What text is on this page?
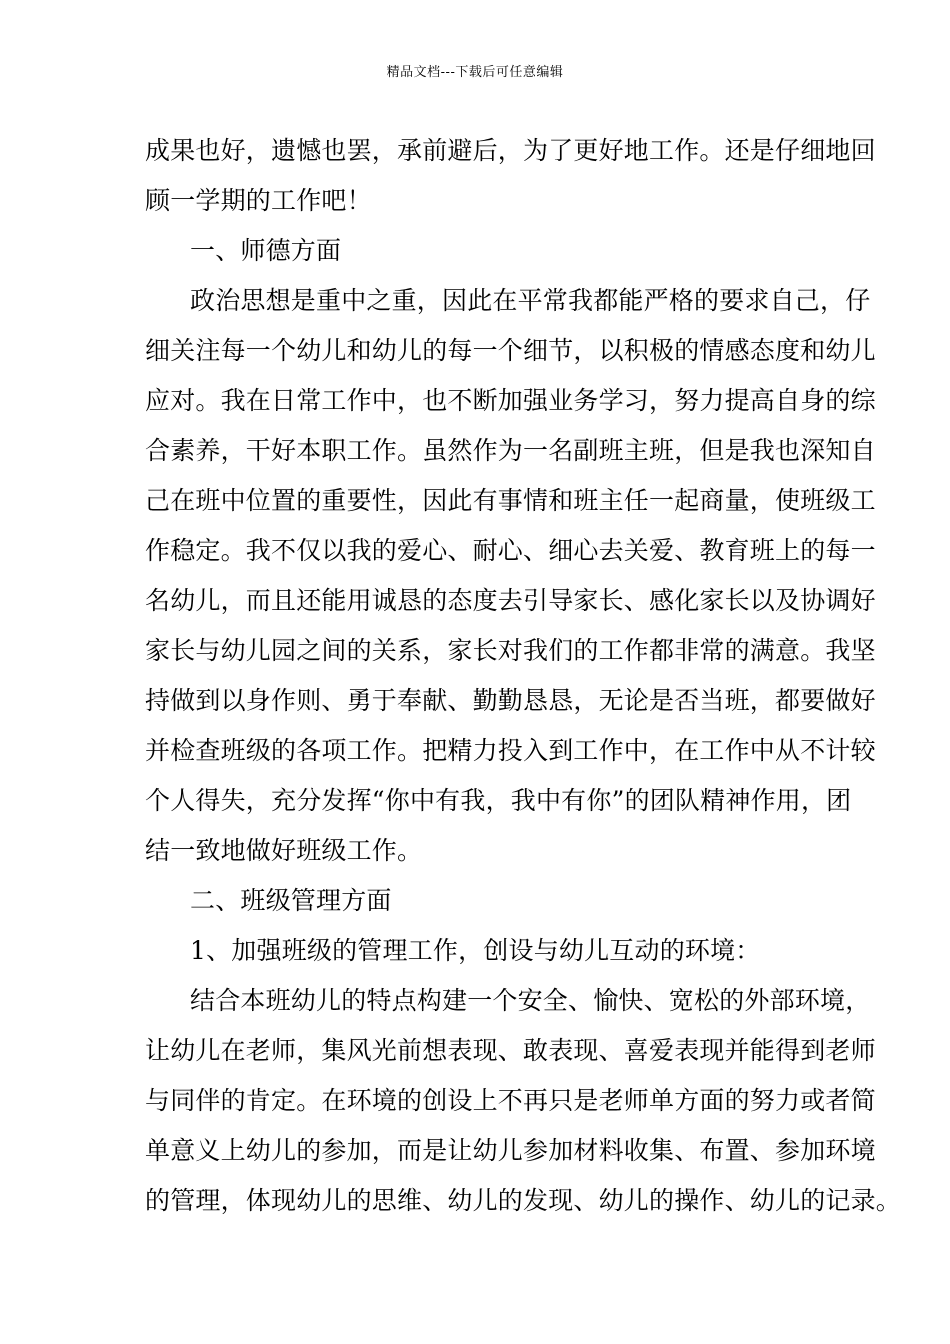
精品文档---下载后可任意编辑
成果也好，遗憾也罢，承前避后，为了更好地工作。还是仔细地回
顾一学期的工作吧！
一、师德方面
政治思想是重中之重，因此在平常我都能严格的要求自己，仔
细关注每一个幼儿和幼儿的每一个细节，以积极的情感态度和幼儿
应对。我在日常工作中，也不断加强业务学习，努力提高自身的综
合素养，干好本职工作。虽然作为一名副班主班，但是我也深知自
己在班中位置的重要性，因此有事情和班主任一起商量，使班级工
作稳定。我不仅以我的爱心、耐心、细心去关爱、教育班上的每一
名幼儿，而且还能用诚恳的态度去引导家长、感化家长以及协调好
家长与幼儿园之间的关系，家长对我们的工作都非常的满意。我坚
持做到以身作则、勇于奉献、勤勤恳恳，无论是否当班，都要做好
并检查班级的各项工作。把精力投入到工作中，在工作中从不计较
个人得失，充分发挥“你中有我，我中有你”的团队精神作用，团
结一致地做好班级工作。
二、班级管理方面
1、加强班级的管理工作，创设与幼儿互动的环境：
结合本班幼儿的特点构建一个安全、愉快、宽松的外部环境，
让幼儿在老师，集风光前想表现、敢表现、喜爱表现并能得到老师
与同伴的肯定。在环境的创设上不再只是老师单方面的努力或者简
单意义上幼儿的参加，而是让幼儿参加材料收集、布置、参加环境
的管理，体现幼儿的思维、幼儿的发现、幼儿的操作、幼儿的记录。
